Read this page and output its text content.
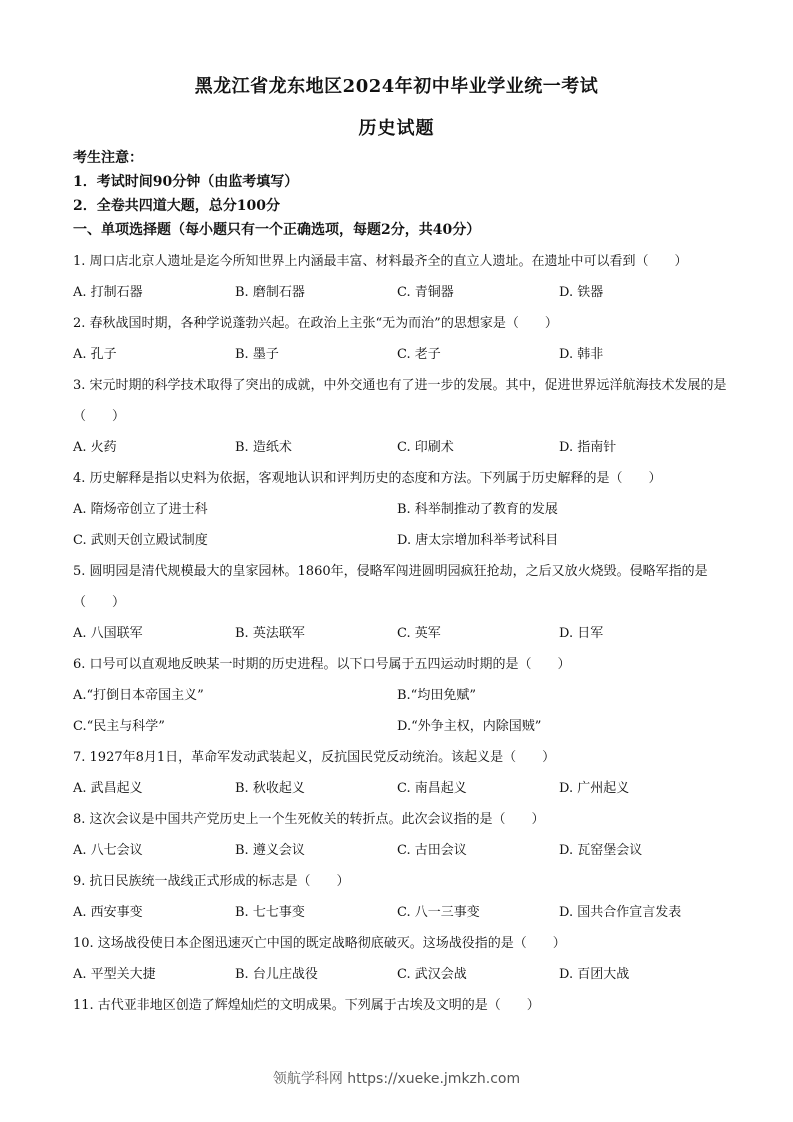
黑龙江省龙东地区2024年初中毕业学业统一考试
历史试题
考生注意：
1．考试时间90分钟（由监考填写）
2．全卷共四道大题，总分100分
一、单项选择题（每小题只有一个正确选项，每题2分，共40分）
1. 周口店北京人遗址是迄今所知世界上内涵最丰富、材料最齐全的直立人遗址。在遗址中可以看到（　　）
A. 打制石器	B. 磨制石器	C. 青铜器	D. 铁器
2. 春秋战国时期，各种学说蓬勃兴起。在政治上主张“无为而治”的思想家是（　　）
A. 孔子	B. 墨子	C. 老子	D. 韩非
3. 宋元时期的科学技术取得了突出的成就，中外交通也有了进一步的发展。其中，促进世界远洋航海技术发展的是（　　）
A. 火药	B. 造纸术	C. 印刷术	D. 指南针
4. 历史解释是指以史料为依据，客观地认识和评判历史的态度和方法。下列属于历史解释的是（　　）
A. 隋炀帝创立了进士科	B. 科举制推动了教育的发展
C. 武则天创立殿试制度	D. 唐太宗增加科举考试科目
5. 圆明园是清代规模最大的皇家园林。1860年，侵略军闯进圆明园疯狂抢劫，之后又放火烧毁。侵略军指的是（　　）
A. 八国联军	B. 英法联军	C. 英军	D. 日军
6. 口号可以直观地反映某一时期的历史进程。以下口号属于五四运动时期的是（　　）
A.“打倒日本帝国主义”	B.“均田免赋”
C.“民主与科学”	D.“外争主权，内除国贼”
7. 1927年8月1日，革命军发动武装起义，反抗国民党反动统治。该起义是（　　）
A. 武昌起义	B. 秋收起义	C. 南昌起义	D. 广州起义
8. 这次会议是中国共产党历史上一个生死攸关的转折点。此次会议指的是（　　）
A. 八七会议	B. 遵义会议	C. 古田会议	D. 瓦窑堡会议
9. 抗日民族统一战线正式形成的标志是（　　）
A. 西安事变	B. 七七事变	C. 八一三事变	D. 国共合作宣言发表
10. 这场战役使日本企图迅速灭亡中国的既定战略彻底破灭。这场战役指的是（　　）
A. 平型关大捷	B. 台儿庄战役	C. 武汉会战	D. 百团大战
11. 古代亚非地区创造了辉煌灿烂的文明成果。下列属于古埃及文明的是（　　）
领航学科网 https://xueke.jmkzh.com
